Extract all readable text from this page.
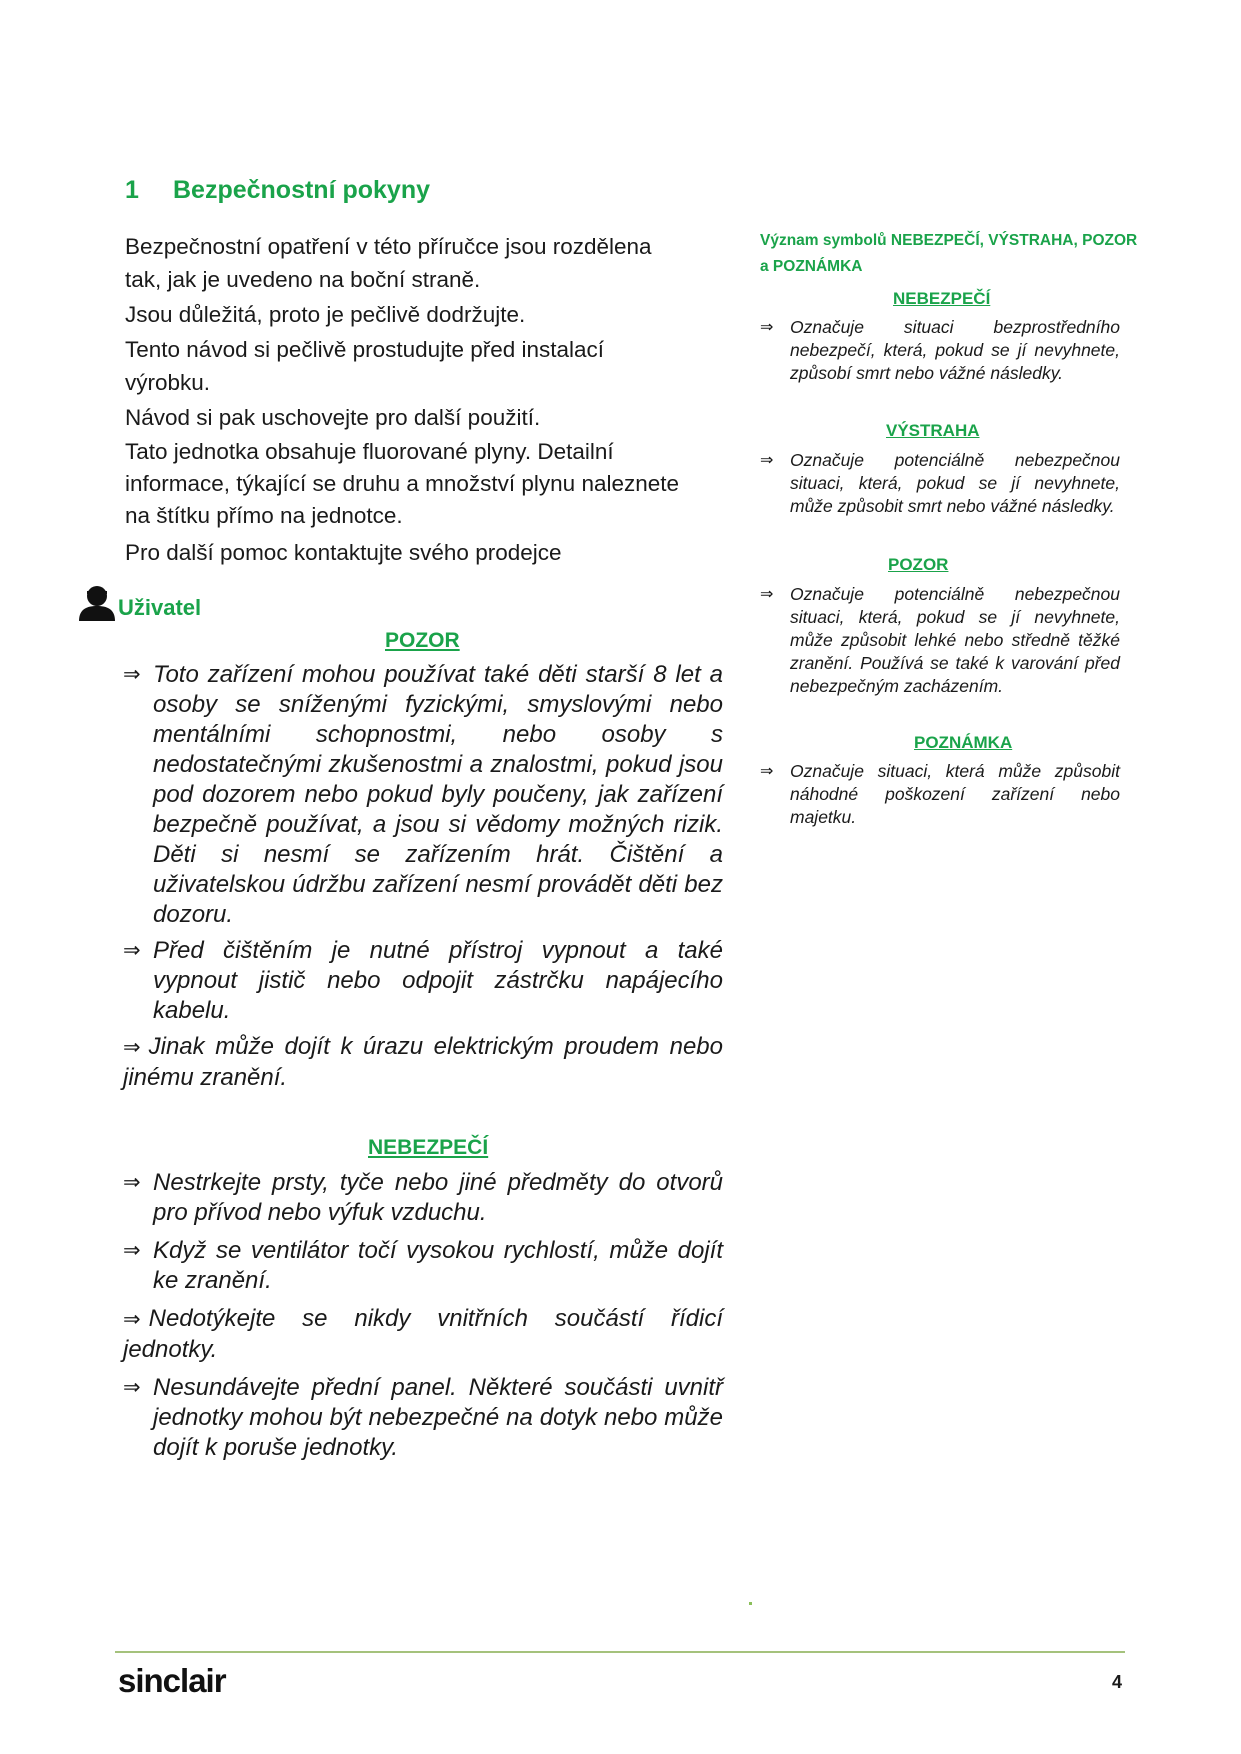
1 Bezpečnostní pokyny

Bezpečnostní opatření v této příručce jsou rozdělena tak, jak je uvedeno na boční straně.

Jsou důležitá, proto je pečlivě dodržujte.

Tento návod si pečlivě prostudujte před instalací výrobku.

Návod si pak uschovejte pro další použití.

Tato jednotka obsahuje fluorované plyny. Detailní informace, týkající se druhu a množství plynu naleznete na štítku přímo na jednotce.

Pro další pomoc kontaktujte svého prodejce

Uživatel
POZOR
⇒ Toto zařízení mohou používat také děti starší 8 let a osoby se sníženými fyzickými, smyslovými nebo mentálními schopnostmi, nebo osoby s nedostatečnými zkušenostmi a znalostmi, pokud jsou pod dozorem nebo pokud byly poučeny, jak zařízení bezpečně používat, a jsou si vědomy možných rizik. Děti si nesmí se zařízením hrát. Čištění a uživatelskou údržbu zařízení nesmí provádět děti bez dozoru.
⇒ Před čištěním je nutné přístroj vypnout a také vypnout jistič nebo odpojit zástrčku napájecího kabelu.
⇒ Jinak může dojít k úrazu elektrickým proudem nebo jinému zranění.
NEBEZPEČÍ
⇒ Nestrkejte prsty, tyče nebo jiné předměty do otvorů pro přívod nebo výfuk vzduchu.
⇒ Když se ventilátor točí vysokou rychlostí, může dojít ke zranění.
⇒ Nedotýkejte se nikdy vnitřních součástí řídicí jednotky.
⇒ Nesundávejte přední panel. Některé součásti uvnitř jednotky mohou být nebezpečné na dotyk nebo může dojít k poruše jednotky.
Význam symbolů NEBEZPEČÍ, VÝSTRAHA, POZOR a POZNÁMKA
NEBEZPEČÍ
⇒ Označuje situaci bezprostředního nebezpečí, která, pokud se jí nevyhnete, způsobí smrt nebo vážné následky.
VÝSTRAHA
⇒ Označuje potenciálně nebezpečnou situaci, která, pokud se jí nevyhnete, může způsobit smrt nebo vážné následky.
POZOR
⇒ Označuje potenciálně nebezpečnou situaci, která, pokud se jí nevyhnete, může způsobit lehké nebo středně těžké zranění. Používá se také k varování před nebezpečným zacházením.
POZNÁMKA
⇒ Označuje situaci, která může způsobit náhodné poškození zařízení nebo majetku.
sinclair	4
